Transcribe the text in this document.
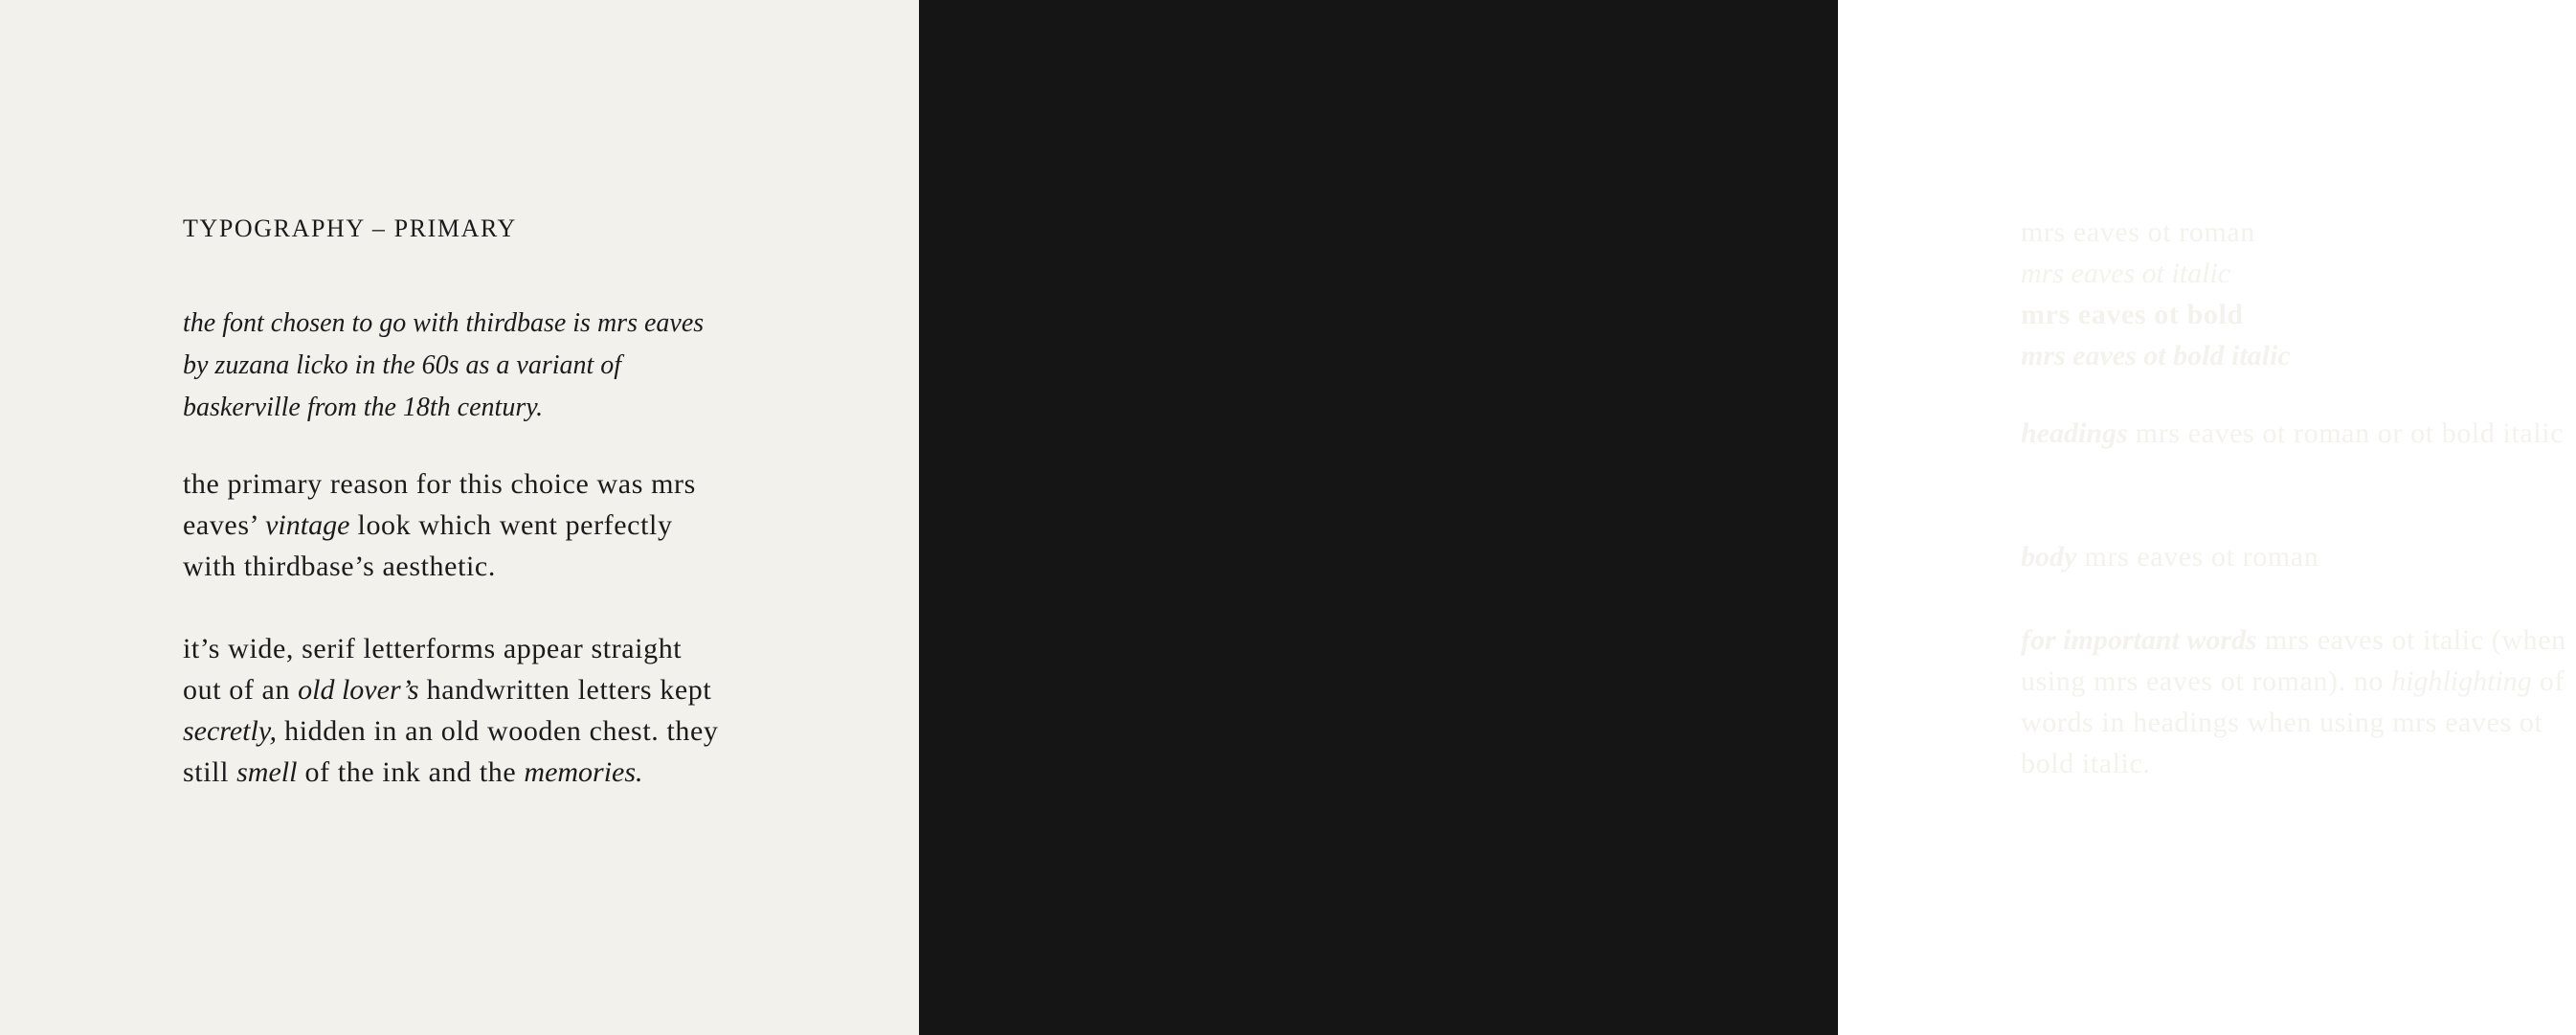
TYPOGRAPHY – PRIMARY

the font chosen to go with thirdbase is mrs eaves by zuzana licko in the 60s as a variant of baskerville from the 18th century.

the primary reason for this choice was mrs eaves’ vintage look which went perfectly with thirdbase’s aesthetic.

it’s wide, serif letterforms appear straight out of an old lover’s handwritten letters kept secretly, hidden in an old wooden chest. they still smell of the ink and the memories.

mrs eaves ot roman
mrs eaves ot italic
mrs eaves ot bold
mrs eaves ot bold italic

headings mrs eaves ot roman or ot bold italic

body mrs eaves ot roman

for important words mrs eaves ot italic (when using mrs eaves ot roman). no highlighting of words in headings when using mrs eaves ot bold italic.
